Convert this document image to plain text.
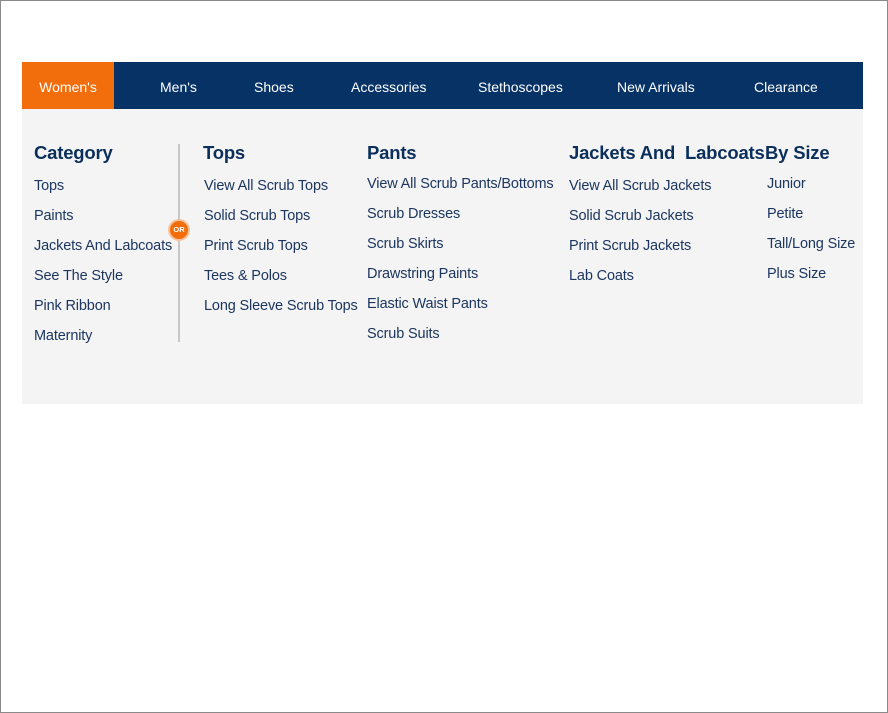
Women's	Men's	Shoes	Accessories	Stethoscopes	New Arrivals	Clearance
Category
Tops
Paints
Jackets And Labcoats
See The Style
Pink Ribbon
Maternity
OR
Tops
View All Scrub Tops
Solid Scrub Tops
Print Scrub Tops
Tees & Polos
Long Sleeve Scrub Tops
Pants
View All Scrub Pants/Bottoms
Scrub Dresses
Scrub Skirts
Drawstring Paints
Elastic Waist Pants
Scrub Suits
Jackets And  Labcoats
View All Scrub Jackets
Solid Scrub Jackets
Print Scrub Jackets
Lab Coats
By Size
Junior
Petite
Tall/Long Size
Plus Size
